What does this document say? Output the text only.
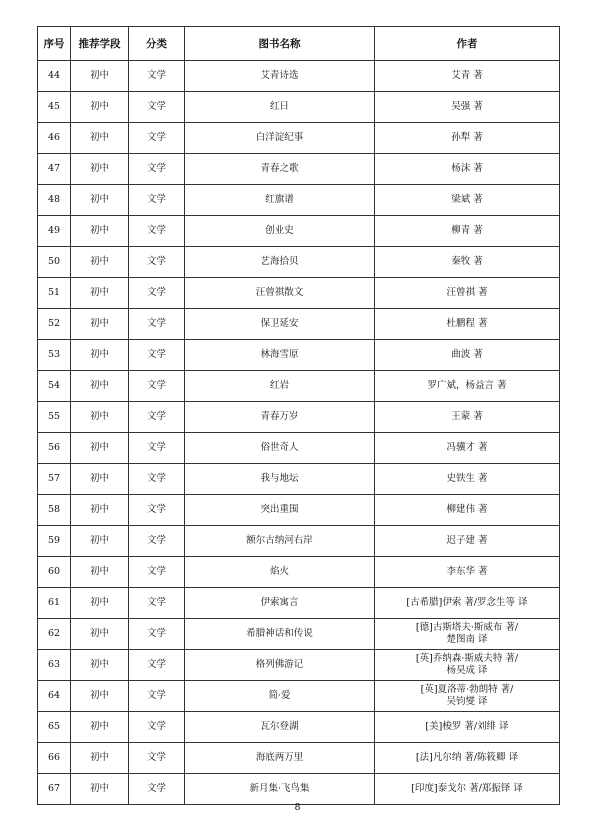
序号	推荐学段	分类	图书名称	作者
44	初中	文学	艾青诗选	艾青 著
45	初中	文学	红日	吴强 著
46	初中	文学	白洋淀纪事	孙犁 著
47	初中	文学	青春之歌	杨沫 著
48	初中	文学	红旗谱	梁斌 著
49	初中	文学	创业史	柳青 著
50	初中	文学	艺海拾贝	秦牧 著
51	初中	文学	汪曾祺散文	汪曾祺 著
52	初中	文学	保卫延安	杜鹏程 著
53	初中	文学	林海雪原	曲波 著
54	初中	文学	红岩	罗广斌，杨益言 著
55	初中	文学	青春万岁	王蒙 著
56	初中	文学	俗世奇人	冯骥才 著
57	初中	文学	我与地坛	史铁生 著
58	初中	文学	突出重围	柳建伟 著
59	初中	文学	额尔古纳河右岸	迟子建 著
60	初中	文学	焰火	李东华 著
61	初中	文学	伊索寓言	[古希腊]伊索 著/罗念生等 译
62	初中	文学	希腊神话和传说	[德]古斯塔夫·斯威布 著/
楚图南 译
63	初中	文学	格列佛游记	[英]乔纳森·斯威夫特 著/
杨昊成 译
64	初中	文学	简·爱	[英]夏洛蒂·勃朗特 著/
吴钧燮 译
65	初中	文学	瓦尔登湖	[美]梭罗 著/刘绯 译
66	初中	文学	海底两万里	[法]凡尔纳 著/陈筱卿 译
67	初中	文学	新月集·飞鸟集	[印度]泰戈尔 著/郑振铎 译
8
